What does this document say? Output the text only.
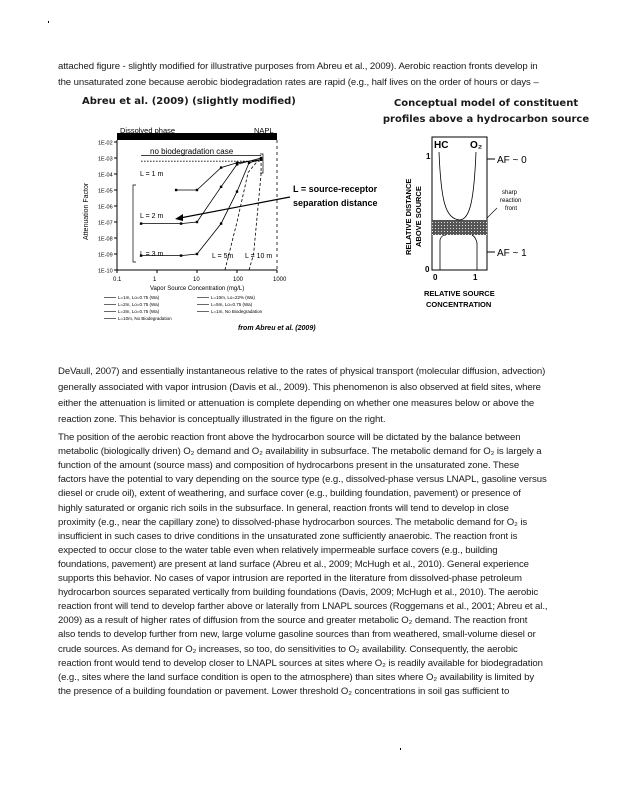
attached figure - slightly modified for illustrative purposes from Abreu et al., 2009). Aerobic reaction fronts develop in
the unsaturated zone because aerobic biodegradation rates are rapid (e.g., half lives on the order of hours or days –
Abreu et al. (2009) (slightly modified)	Conceptual model of constituent
profiles above a hydrocarbon source
Dissolved phase	NAPL
no biodegradation case
Attenuation Factor
Vapor Source Concentration (mg/L)
from Abreu et al. (2009)
L = source-receptor
separation distance
1E-02
1E-03
1E-04
1E-05
1E-06
1E-07
1E-08
1E-09
1E-10
0.1	1	10	100	1000
L = 1 m
L = 2 m
L = 3 m	L = 5m L = 10 m
L=1m, Lo=0.75 (Wa)	L=10m, Lo=22% (Wa)
L=2m, Lo=0.75 (Wa)	L=5m, Lo=0.75 (Wa)
L=3m, Lo=0.75 (Wa)	L=1m, No Biodegradation
L=10m, No Biodegradation
HC O₂
AF ~ 0
AF ~ 1
sharp
reaction
front
1
0
0	1
RELATIVE DISTANCE ABOVE SOURCE
RELATIVE SOURCE
CONCENTRATION
DeVaull, 2007) and essentially instantaneous relative to the rates of physical transport (molecular diffusion, advection)
generally associated with vapor intrusion (Davis et al., 2009). This phenomenon is also observed at field sites, where
either the attenuation is limited or attenuation is complete depending on whether one measures below or above the
reaction zone. This behavior is conceptually illustrated in the figure on the right.
The position of the aerobic reaction front above the hydrocarbon source will be dictated by the balance between
metabolic (biologically driven) O₂ demand and O₂ availability in subsurface. The metabolic demand for O₂ is largely a
function of the amount (source mass) and composition of hydrocarbons present in the unsaturated zone. These
factors have the potential to vary depending on the source type (e.g., dissolved-phase versus LNAPL, gasoline versus
diesel or crude oil), extent of weathering, and surface cover (e.g., building foundation, pavement) or presence of
highly saturated or organic rich soils in the subsurface. In general, reaction fronts will tend to develop in close
proximity (e.g., near the capillary zone) to dissolved-phase hydrocarbon sources. The metabolic demand for O₂ is
insufficient in such cases to drive conditions in the unsaturated zone sufficiently anaerobic. The reaction front is
expected to occur close to the water table even when relatively impermeable surface covers (e.g., building
foundations, pavement) are present at land surface (Abreu et al., 2009; McHugh et al., 2010). General experience
supports this behavior. No cases of vapor intrusion are reported in the literature from dissolved-phase petroleum
hydrocarbon sources separated vertically from building foundations (Davis, 2009; McHugh et al., 2010). The aerobic
reaction front will tend to develop farther above or laterally from LNAPL sources (Roggemans et al., 2001; Abreu et al.,
2009) as a result of higher rates of diffusion from the source and greater metabolic O₂ demand. The reaction front
also tends to develop further from new, large volume gasoline sources than from weathered, small-volume diesel or
crude sources. As demand for O₂ increases, so too, do sensitivities to O₂ availability. Consequently, the aerobic
reaction front would tend to develop closer to LNAPL sources at sites where O₂ is readily available for biodegradation
(e.g., sites where the land surface condition is open to the atmosphere) than sites where O₂ availability is limited by
the presence of a building foundation or pavement. Lower threshold O₂ concentrations in soil gas sufficient to
